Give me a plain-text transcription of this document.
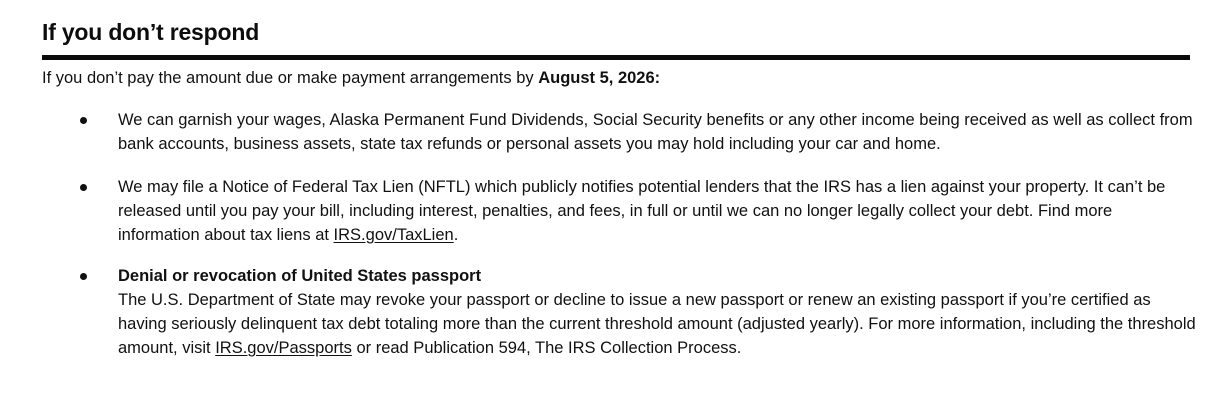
If you don’t respond
If you don’t pay the amount due or make payment arrangements by August 5, 2026:
We can garnish your wages, Alaska Permanent Fund Dividends, Social Security benefits or any other income being received as well as collect from bank accounts, business assets, state tax refunds or personal assets you may hold including your car and home.
We may file a Notice of Federal Tax Lien (NFTL) which publicly notifies potential lenders that the IRS has a lien against your property. It can’t be released until you pay your bill, including interest, penalties, and fees, in full or until we can no longer legally collect your debt. Find more information about tax liens at IRS.gov/TaxLien.
Denial or revocation of United States passport
The U.S. Department of State may revoke your passport or decline to issue a new passport or renew an existing passport if you’re certified as having seriously delinquent tax debt totaling more than the current threshold amount (adjusted yearly). For more information, including the threshold amount, visit IRS.gov/Passports or read Publication 594, The IRS Collection Process.
